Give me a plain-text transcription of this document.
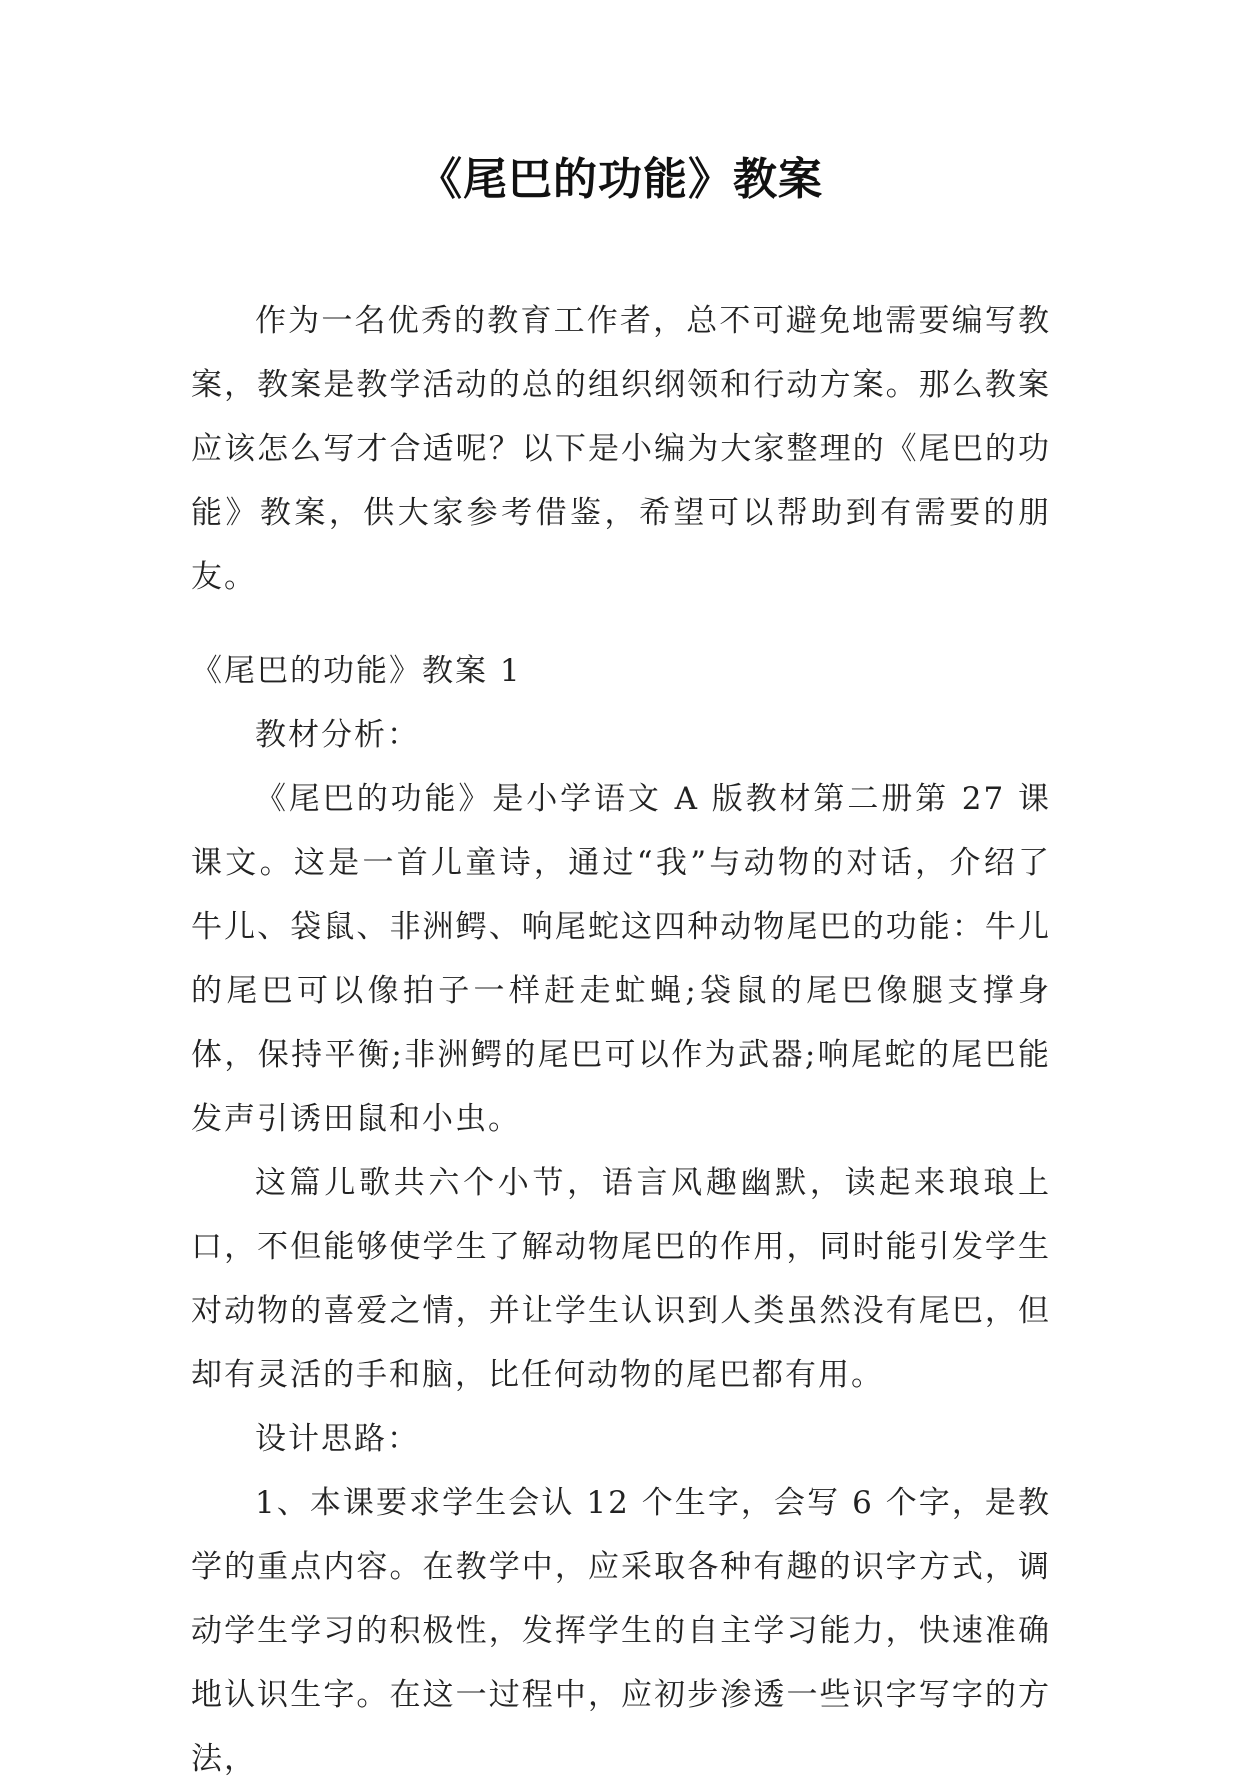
《尾巴的功能》教案

作为一名优秀的教育工作者，总不可避免地需要编写教案，教案是教学活动的总的组织纲领和行动方案。那么教案应该怎么写才合适呢？以下是小编为大家整理的《尾巴的功能》教案，供大家参考借鉴，希望可以帮助到有需要的朋友。

《尾巴的功能》教案 1

教材分析：

《尾巴的功能》是小学语文 A 版教材第二册第 27 课课文。这是一首儿童诗，通过“我”与动物的对话，介绍了牛儿、袋鼠、非洲鳄、响尾蛇这四种动物尾巴的功能：牛儿的尾巴可以像拍子一样赶走虻蝇;袋鼠的尾巴像腿支撑身体，保持平衡;非洲鳄的尾巴可以作为武器;响尾蛇的尾巴能发声引诱田鼠和小虫。

这篇儿歌共六个小节，语言风趣幽默，读起来琅琅上口，不但能够使学生了解动物尾巴的作用，同时能引发学生对动物的喜爱之情，并让学生认识到人类虽然没有尾巴，但却有灵活的手和脑，比任何动物的尾巴都有用。

设计思路：

1、本课要求学生会认 12 个生字，会写 6 个字，是教学的重点内容。在教学中，应采取各种有趣的识字方式，调动学生学习的积极性，发挥学生的自主学习能力，快速准确地认识生字。在这一过程中，应初步渗透一些识字写字的方法，
